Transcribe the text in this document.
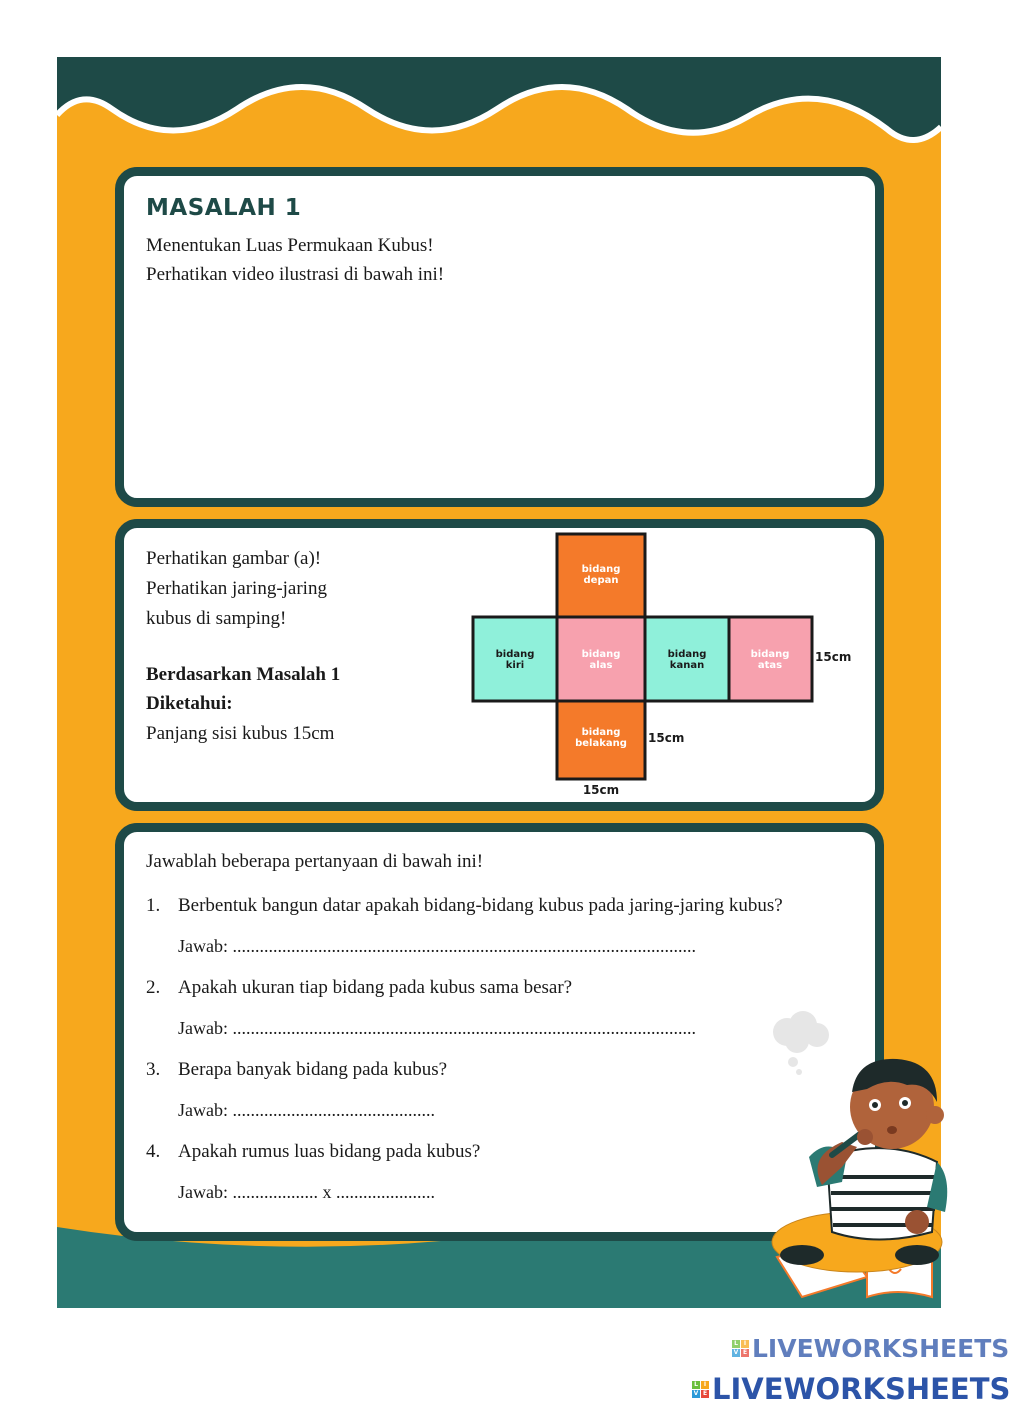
MASALAH 1
Menentukan Luas Permukaan Kubus!
Perhatikan video ilustrasi di bawah ini!
Perhatikan gambar (a)!
Perhatikan jaring-jaring
kubus di samping!
Berdasarkan Masalah 1
Diketahui:
Panjang sisi kubus 15cm
bidang
depan
bidang
kiri
bidang
alas
bidang
kanan
bidang
atas
bidang
belakang
15cm
15cm
15cm
Jawablah beberapa pertanyaan di bawah ini!
1. Berbentuk bangun datar apakah bidang-bidang kubus pada jaring-jaring kubus?
Jawab: .......................................................................................................
2. Apakah ukuran tiap bidang pada kubus sama besar?
Jawab: .......................................................................................................
3. Berapa banyak bidang pada kubus?
Jawab: .............................................
4. Apakah rumus luas bidang pada kubus?
Jawab: ................... x ......................
L I
V E LIVEWORKSHEETS
L I
V E LIVEWORKSHEETS
